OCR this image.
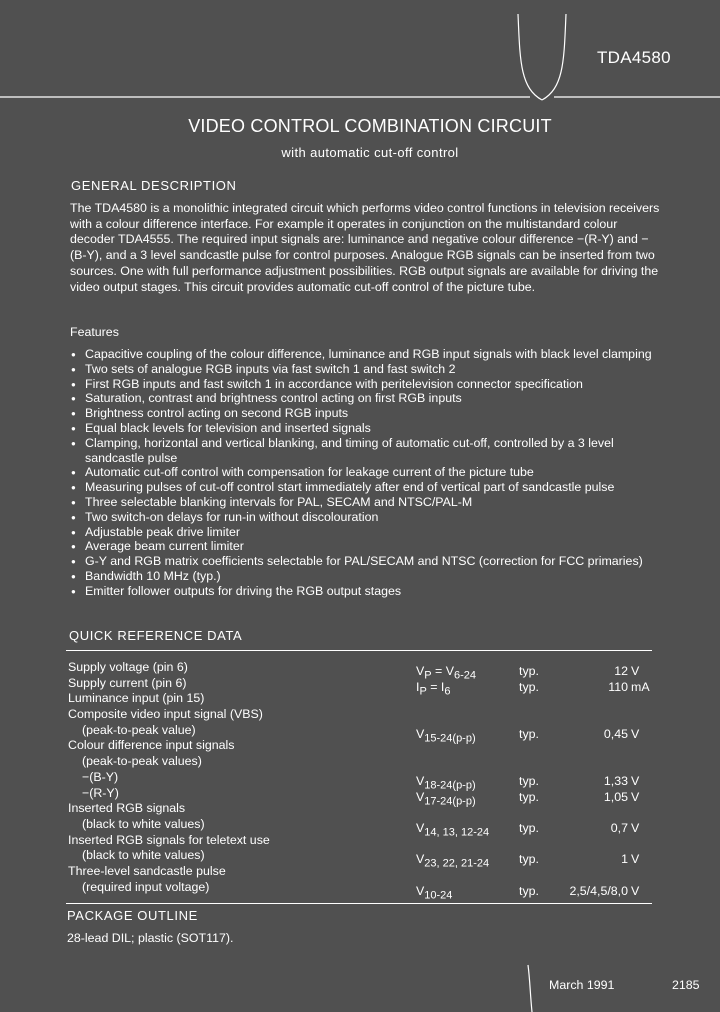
TDA4580
VIDEO CONTROL COMBINATION CIRCUIT
with automatic cut-off control
GENERAL DESCRIPTION

The TDA4580 is a monolithic integrated circuit which performs video control functions in television receivers with a colour difference interface. For example it operates in conjunction on the multistandard colour decoder TDA4555. The required input signals are: luminance and negative colour difference −(R-Y) and −(B-Y), and a 3 level sandcastle pulse for control purposes. Analogue RGB signals can be inserted from two sources. One with full performance adjustment possibilities. RGB output signals are available for driving the video output stages. This circuit provides automatic cut-off control of the picture tube.

Features
● Capacitive coupling of the colour difference, luminance and RGB input signals with black level clamping
● Two sets of analogue RGB inputs via fast switch 1 and fast switch 2
● First RGB inputs and fast switch 1 in accordance with peritelevision connector specification
● Saturation, contrast and brightness control acting on first RGB inputs
● Brightness control acting on second RGB inputs
● Equal black levels for television and inserted signals
● Clamping, horizontal and vertical blanking, and timing of automatic cut-off, controlled by a 3 level sandcastle pulse
● Automatic cut-off control with compensation for leakage current of the picture tube
● Measuring pulses of cut-off control start immediately after end of vertical part of sandcastle pulse
● Three selectable blanking intervals for PAL, SECAM and NTSC/PAL-M
● Two switch-on delays for run-in without discolouration
● Adjustable peak drive limiter
● Average beam current limiter
● G-Y and RGB matrix coefficients selectable for PAL/SECAM and NTSC (correction for FCC primaries)
● Bandwidth 10 MHz (typ.)
● Emitter follower outputs for driving the RGB output stages
QUICK REFERENCE DATA
Supply voltage (pin 6)	$V_P = V_{6-24}$	typ.	12 V
Supply current (pin 6)	$I_P = I_6$	typ.	110 mA
Luminance input (pin 15)
Composite video input signal (VBS)
(peak-to-peak value)	$V_{15-24(p-p)}$	typ.	0,45 V
Colour difference input signals
(peak-to-peak values)
−(B-Y)	$V_{18-24(p-p)}$	typ.	1,33 V
−(R-Y)	$V_{17-24(p-p)}$	typ.	1,05 V
Inserted RGB signals
(black to white values)	$V_{14, 13, 12-24}$ typ.	0,7 V
Inserted RGB signals for teletext use
(black to white values)	$V_{23, 22, 21-24}$ typ.	1 V
Three-level sandcastle pulse
(required input voltage)	$V_{10-24}$	typ. 2,5/4,5/8,0 V
PACKAGE OUTLINE
28-lead DIL; plastic (SOT117).
March 1991	2185
